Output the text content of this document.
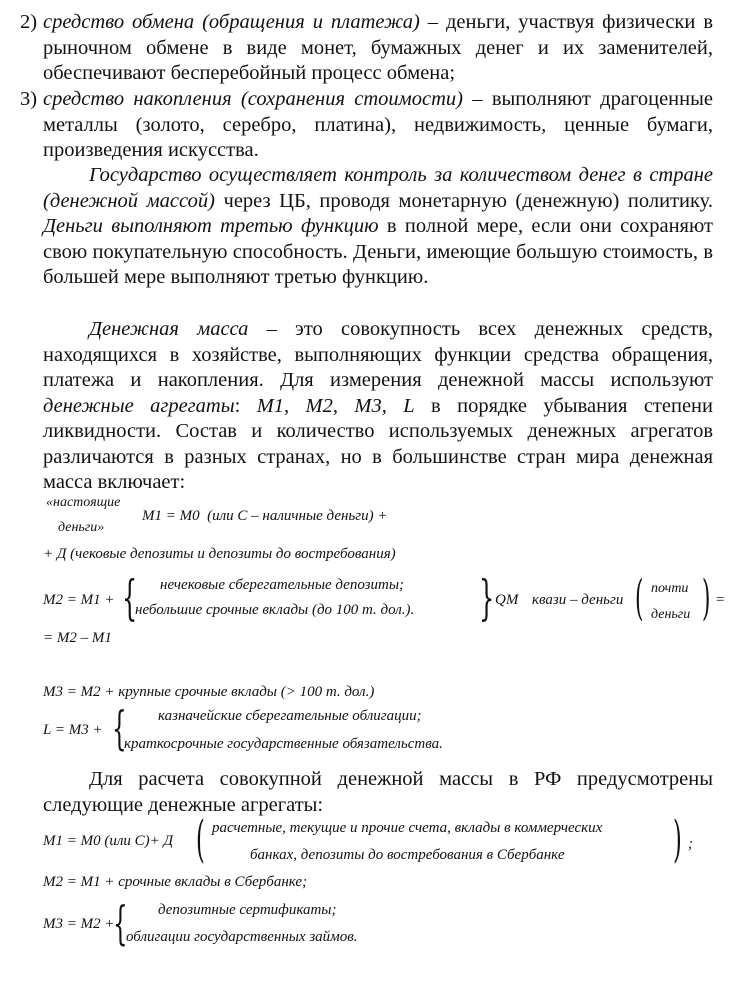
2) средство обмена (обращения и платежа) – деньги, участвуя физически в рыночном обмене в виде монет, бумажных денег и их заменителей, обеспечивают бесперебойный процесс обмена;
3) средство накопления (сохранения стоимости) – выполняют драгоценные металлы (золото, серебро, платина), недвижимость, ценные бумаги, произведения искусства.

Государство осуществляет контроль за количеством денег в стране (денежной массой) через ЦБ, проводя монетарную (денежную) политику. Деньги выполняют третью функцию в полной мере, если они сохраняют свою покупательную способность. Деньги, имеющие большую стоимость, в большей мере выполняют третью функцию.

Денежная масса – это совокупность всех денежных средств, находящихся в хозяйстве, выполняющих функции средства обращения, платежа и накопления. Для измерения денежной массы используют денежные агрегаты: M1, M2, M3, L в порядке убывания степени ликвидности. Состав и количество используемых денежных агрегатов различаются в разных странах, но в большинстве стран мира денежная масса включает:

«настоящие
деньги»
M1 = M0 (или C – наличные деньги) +
+ Д (чековые депозиты и депозиты до востребования)
M2 = M1 + { нечековые сберегательные депозиты;
небольшие срочные вклады (до 100 т. дол.). } QM квази – деньги ( почти
деньги ) =
= M2 – M1
M3 = M2 + крупные срочные вклады (> 100 т. дол.)
L = M3 + { казначейские сберегательные облигации;
краткосрочные государственные обязательства.

Для расчета совокупной денежной массы в РФ предусмотрены следующие денежные агрегаты:

M1 = M0 (или C)+ Д ( расчетные, текущие и прочие счета, вклады в коммерческих
банках, депозиты до востребования в Сбербанке ) ;
M2 = M1 + срочные вклады в Сбербанке;
M3 = M2 +
{ депозитные сертификаты;
облигации государственных займов.
